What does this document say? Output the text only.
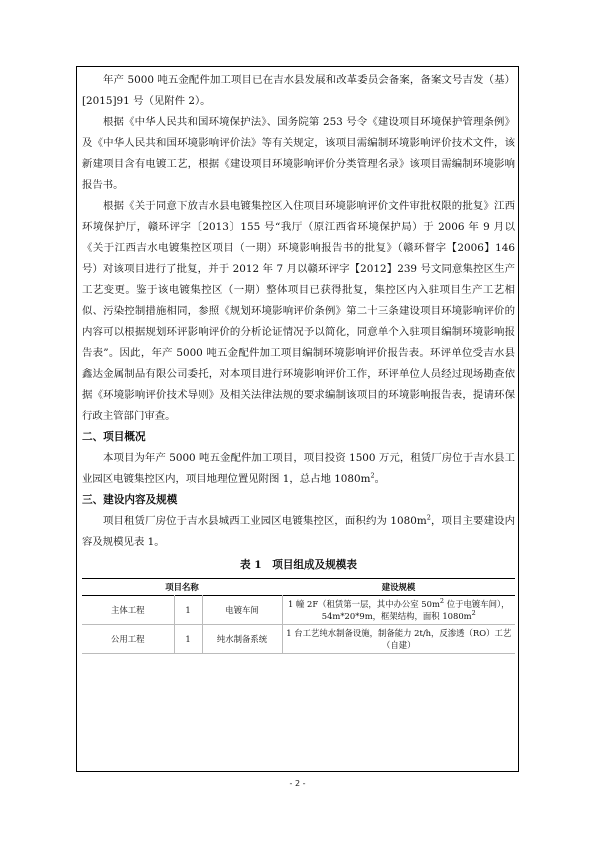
年产 5000 吨五金配件加工项目已在吉水县发展和改革委员会备案，备案文号吉发（基）[2015]91 号（见附件 2）。

根据《中华人民共和国环境保护法》、国务院第 253 号令《建设项目环境保护管理条例》及《中华人民共和国环境影响评价法》等有关规定，该项目需编制环境影响评价技术文件，该新建项目含有电镀工艺，根据《建设项目环境影响评价分类管理名录》该项目需编制环境影响报告书。

根据《关于同意下放吉水县电镀集控区入住项目环境影响评价文件审批权限的批复》江西环境保护厅，赣环评字〔2013〕155 号“我厅（原江西省环境保护局）于 2006 年 9 月以《关于江西吉水电镀集控区项目（一期）环境影响报告书的批复》（赣环督字【2006】146 号）对该项目进行了批复，并于 2012 年 7 月以赣环评字【2012】239 号文同意集控区生产工艺变更。鉴于该电镀集控区（一期）整体项目已获得批复，集控区内入驻项目生产工艺相似、污染控制措施相同，参照《规划环境影响评价条例》第二十三条建设项目环境影响评价的内容可以根据规划环评影响评价的分析论证情况予以简化，同意单个入驻项目编制环境影响报告表”。因此，年产 5000 吨五金配件加工项目编制环境影响评价报告表。环评单位受吉水县鑫达金属制品有限公司委托，对本项目进行环境影响评价工作，环评单位人员经过现场勘查依据《环境影响评价技术导则》及相关法律法规的要求编制该项目的环境影响报告表，提请环保行政主管部门审查。

二、项目概况

本项目为年产 5000 吨五金配件加工项目，项目投资 1500 万元，租赁厂房位于吉水县工业园区电镀集控区内，项目地理位置见附图 1，总占地 $1080m^2$。

三、建设内容及规模

项目租赁厂房位于吉水县城西工业园区电镀集控区，面积约为 $1080m^2$，项目主要建设内容及规模见表 1。

表 1　项目组成及规模表

项目名称			建设规模
主体工程	1	电镀车间	1 幢 2F（租赁第一层，其中办公室 $50m^2$ 位于电镀车间），54m*20*9m，框架结构，面积 $1080m^2$
公用工程	1	纯水制备系统	1 台工艺纯水制备设施，制备能力 2t/h，反渗透（RO）工艺（自建）
- 2 -
